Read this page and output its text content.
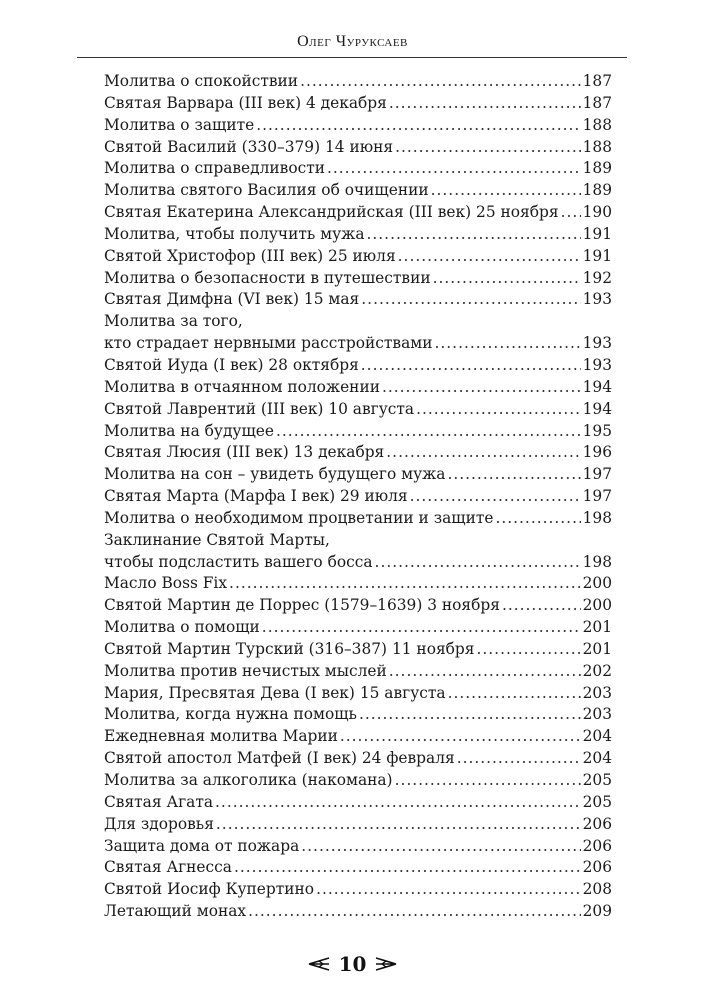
Олег Чуруксаев
Молитва о спокойствии .....	187
Святая Варвара (III век) 4 декабря .....	187
Молитва о защите .....	188
Святой Василий (330–379) 14 июня .....	188
Молитва о справедливости .....	189
Молитва святого Василия об очищении .....	189
Святая Екатерина Александрийская (III век) 25 ноября ..... 190
Молитва, чтобы получить мужа .....	191
Святой Христофор (III век) 25 июля .....	191
Молитва о безопасности в путешествии .....	192
Святая Димфна (VI век) 15 мая .....	193
Молитва за того,
кто страдает нервными расстройствами .....	193
Святой Иуда (I век) 28 октября .....	193
Молитва в отчаянном положении .....	194
Святой Лаврентий (III век) 10 августа .....	194
Молитва на будущее .....	195
Святая Люсия (III век) 13 декабря .....	196
Молитва на сон – увидеть будущего мужа .....	197
Святая Марта (Марфа I век) 29 июля .....	197
Молитва о необходимом процветании и защите .....	198
Заклинание Святой Марты,
чтобы подсластить вашего босса .....	198
Масло Boss Fix .....	200
Святой Мартин де Поррес (1579–1639) 3 ноября .....	200
Молитва о помощи .....	201
Святой Мартин Турский (316–387) 11 ноября .....	201
Молитва против нечистых мыслей .....	202
Мария, Пресвятая Дева (I век) 15 августа .....	203
Молитва, когда нужна помощь .....	203
Ежедневная молитва Марии .....	204
Святой апостол Матфей (I век) 24 февраля .....	204
Молитва за алкоголика (накомана) .....	205
Святая Агата .....	205
Для здоровья .....	206
Защита дома от пожара .....	206
Святая Агнесса .....	206
Святой Иосиф Купертино .....	208
Летающий монах .....	209
10
